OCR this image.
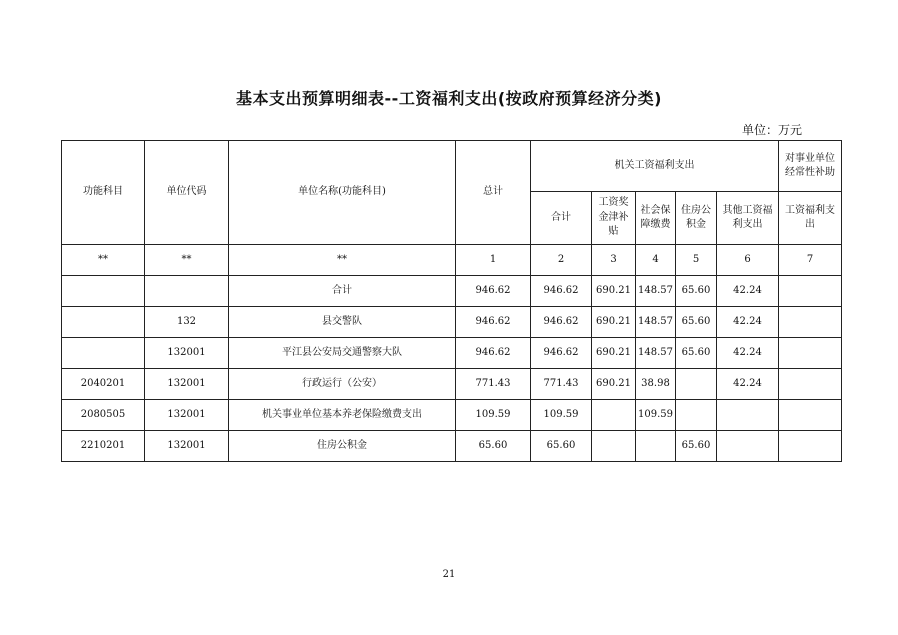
基本支出预算明细表--工资福利支出(按政府预算经济分类)
单位：万元
功能科目	单位代码	单位名称(功能科目)	总计	机关工资福利支出					对事业单位经常性补助
				合计	工资奖金津补贴	社会保障缴费	住房公积金	其他工资福利支出	工资福利支出
**	**	**	1	2	3	4	5	6	7
		合计	946.62	946.62	690.21	148.57	65.60	42.24	
	132	县交警队	946.62	946.62	690.21	148.57	65.60	42.24	
	132001	平江县公安局交通警察大队	946.62	946.62	690.21	148.57	65.60	42.24	
2040201	132001	行政运行（公安）	771.43	771.43	690.21	38.98		42.24	
2080505	132001	机关事业单位基本养老保险缴费支出	109.59	109.59		109.59			
2210201	132001	住房公积金	65.60	65.60			65.60		
21
